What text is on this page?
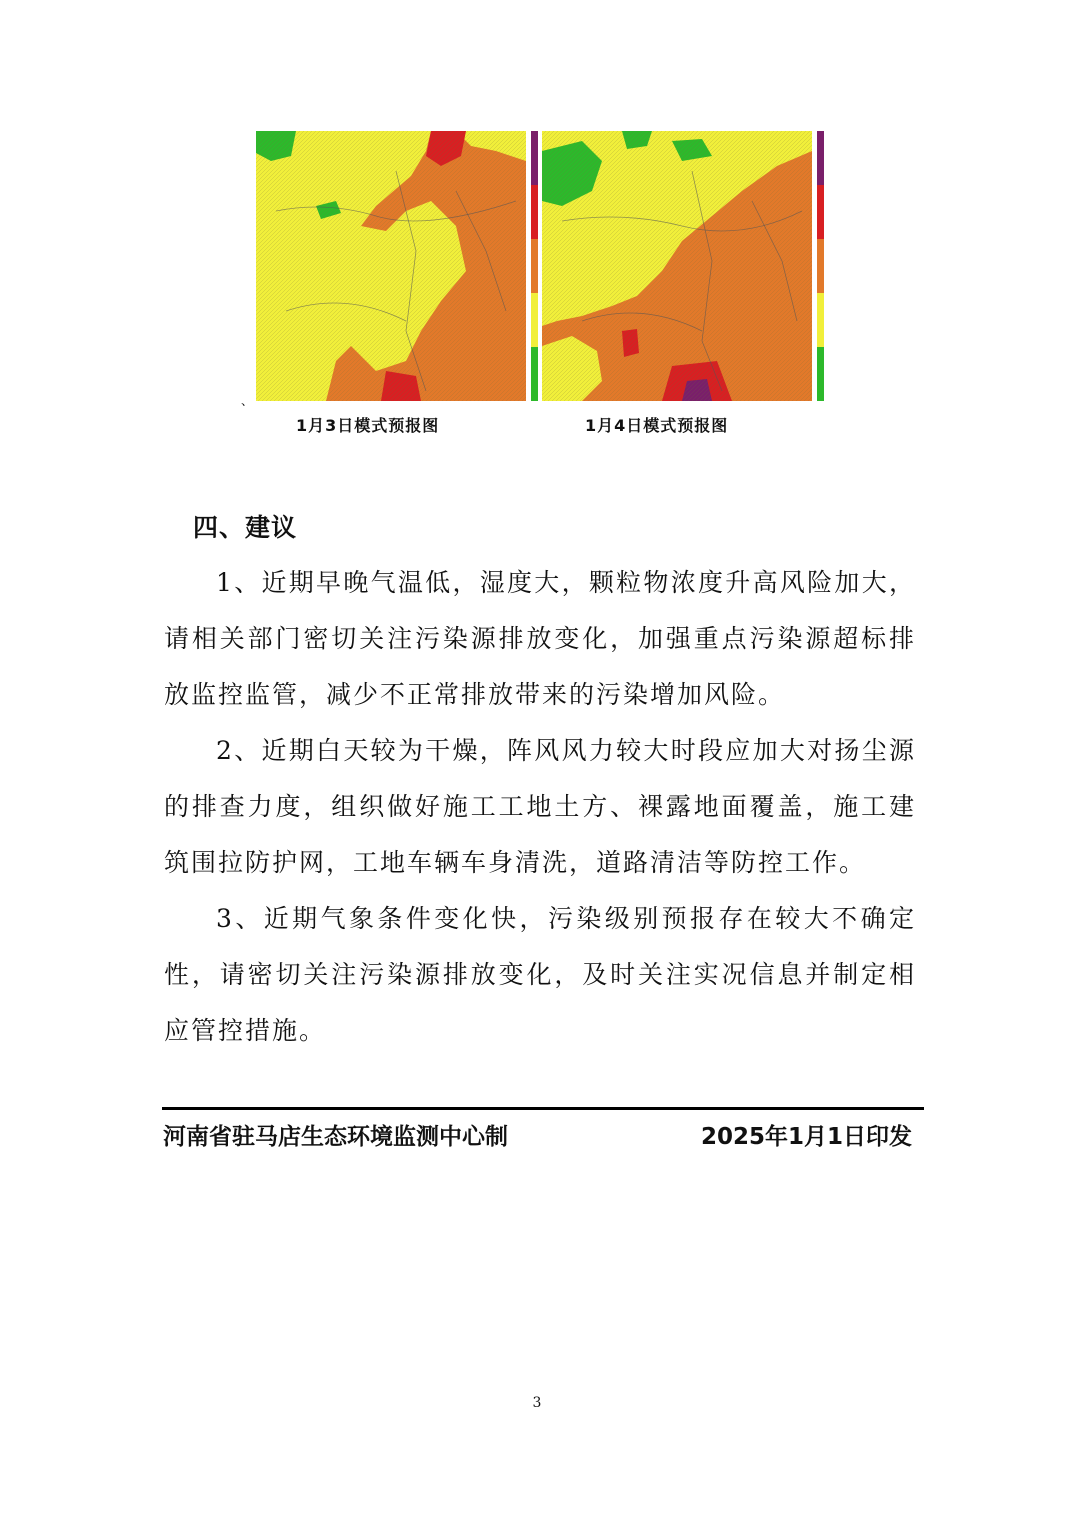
、
1月3日模式预报图	1月4日模式预报图
四、建议
1、近期早晚气温低，湿度大，颗粒物浓度升高风险加大，请相关部门密切关注污染源排放变化，加强重点污染源超标排放监控监管，减少不正常排放带来的污染增加风险。
2、近期白天较为干燥，阵风风力较大时段应加大对扬尘源的排查力度，组织做好施工工地土方、裸露地面覆盖，施工建筑围拉防护网，工地车辆车身清洗，道路清洁等防控工作。
3、近期气象条件变化快，污染级别预报存在较大不确定性，请密切关注污染源排放变化，及时关注实况信息并制定相应管控措施。
河南省驻马店生态环境监测中心制	2025年1月1日印发
3
